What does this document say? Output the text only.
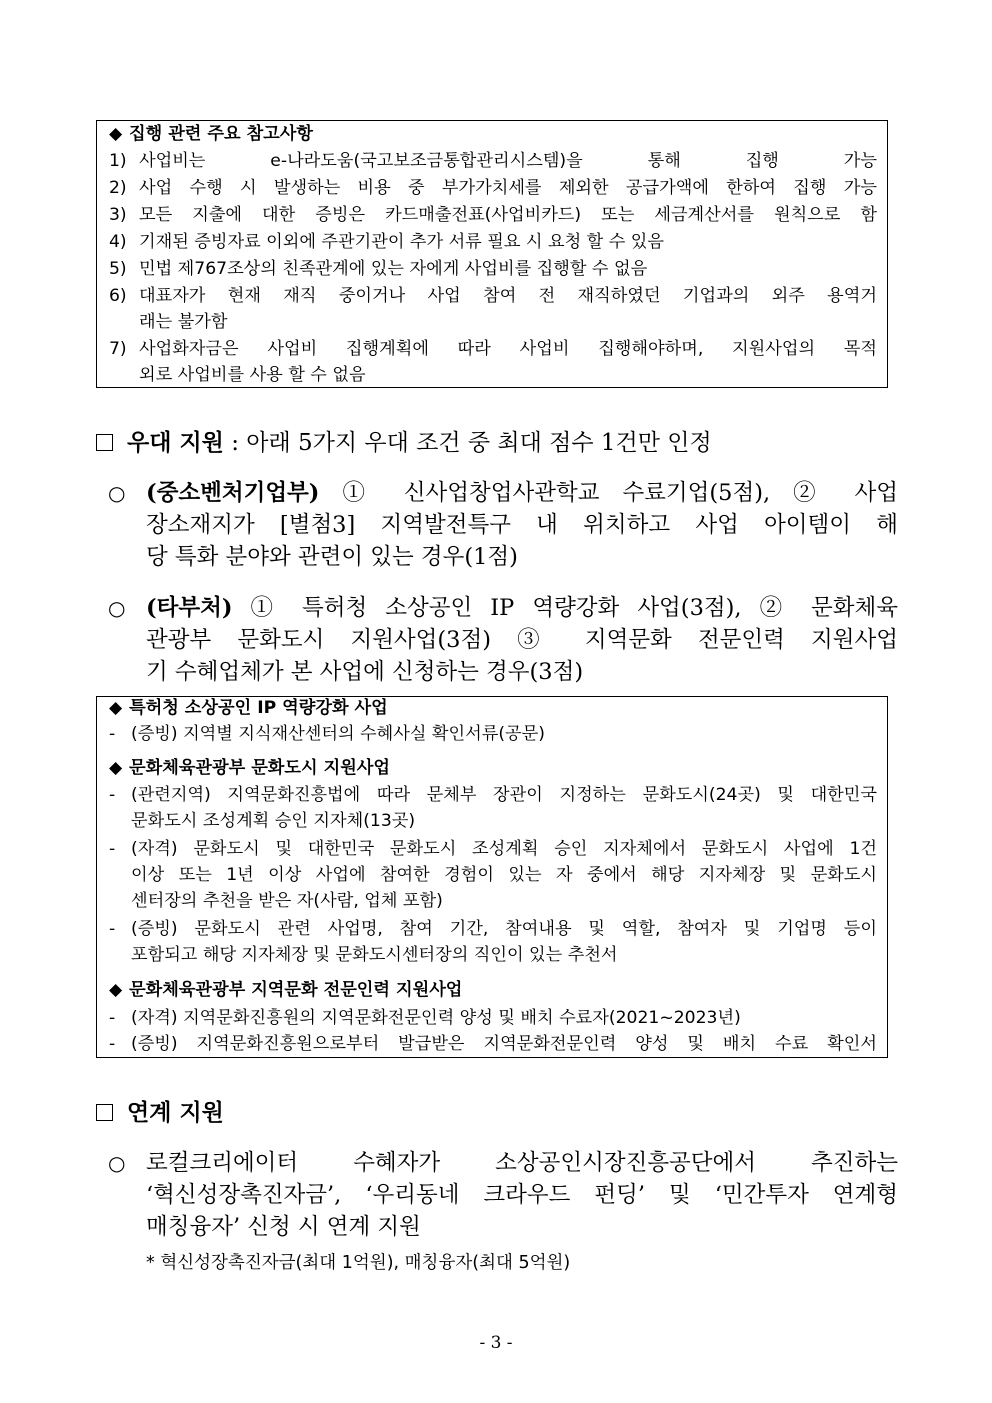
◆ 집행 관련 주요 참고사항
1) 사업비는 e-나라도움(국고보조금통합관리시스템)을 통해 집행 가능
2) 사업 수행 시 발생하는 비용 중 부가가치세를 제외한 공급가액에 한하여 집행 가능
3) 모든 지출에 대한 증빙은 카드매출전표(사업비카드) 또는 세금계산서를 원칙으로 함
4) 기재된 증빙자료 이외에 주관기관이 추가 서류 필요 시 요청 할 수 있음
5) 민법 제767조상의 친족관계에 있는 자에게 사업비를 집행할 수 없음
6) 대표자가 현재 재직 중이거나 사업 참여 전 재직하였던 기업과의 외주 용역거
래는 불가함
7) 사업화자금은 사업비 집행계획에 따라 사업비 집행해야하며, 지원사업의 목적
외로 사업비를 사용 할 수 없음
우대 지원 : 아래 5가지 우대 조건 중 최대 점수 1건만 인정
○ (중소벤처기업부) ① 신사업창업사관학교 수료기업(5점), ② 사업
장소재지가 [별첨3] 지역발전특구 내 위치하고 사업 아이템이 해
당 특화 분야와 관련이 있는 경우(1점)
○ (타부처) ① 특허청 소상공인 IP 역량강화 사업(3점), ② 문화체육
관광부 문화도시 지원사업(3점) ③ 지역문화 전문인력 지원사업
기 수혜업체가 본 사업에 신청하는 경우(3점)
◆ 특허청 소상공인 IP 역량강화 사업
- (증빙) 지역별 지식재산센터의 수혜사실 확인서류(공문)
◆ 문화체육관광부 문화도시 지원사업
- (관련지역) 지역문화진흥법에 따라 문체부 장관이 지정하는 문화도시(24곳) 및 대한민국
문화도시 조성계획 승인 지자체(13곳)
- (자격) 문화도시 및 대한민국 문화도시 조성계획 승인 지자체에서 문화도시 사업에 1건
이상 또는 1년 이상 사업에 참여한 경험이 있는 자 중에서 해당 지자체장 및 문화도시
센터장의 추천을 받은 자(사람, 업체 포함)
- (증빙) 문화도시 관련 사업명, 참여 기간, 참여내용 및 역할, 참여자 및 기업명 등이
포함되고 해당 지자체장 및 문화도시센터장의 직인이 있는 추천서
◆ 문화체육관광부 지역문화 전문인력 지원사업
- (자격) 지역문화진흥원의 지역문화전문인력 양성 및 배치 수료자(2021~2023년)
- (증빙) 지역문화진흥원으로부터 발급받은 지역문화전문인력 양성 및 배치 수료 확인서
연계 지원
○ 로컬크리에이터 수혜자가 소상공인시장진흥공단에서 추진하는
‘혁신성장촉진자금’, ‘우리동네 크라우드 펀딩’ 및 ‘민간투자 연계형
매칭융자’ 신청 시 연계 지원
* 혁신성장촉진자금(최대 1억원), 매칭융자(최대 5억원)
- 3 -
